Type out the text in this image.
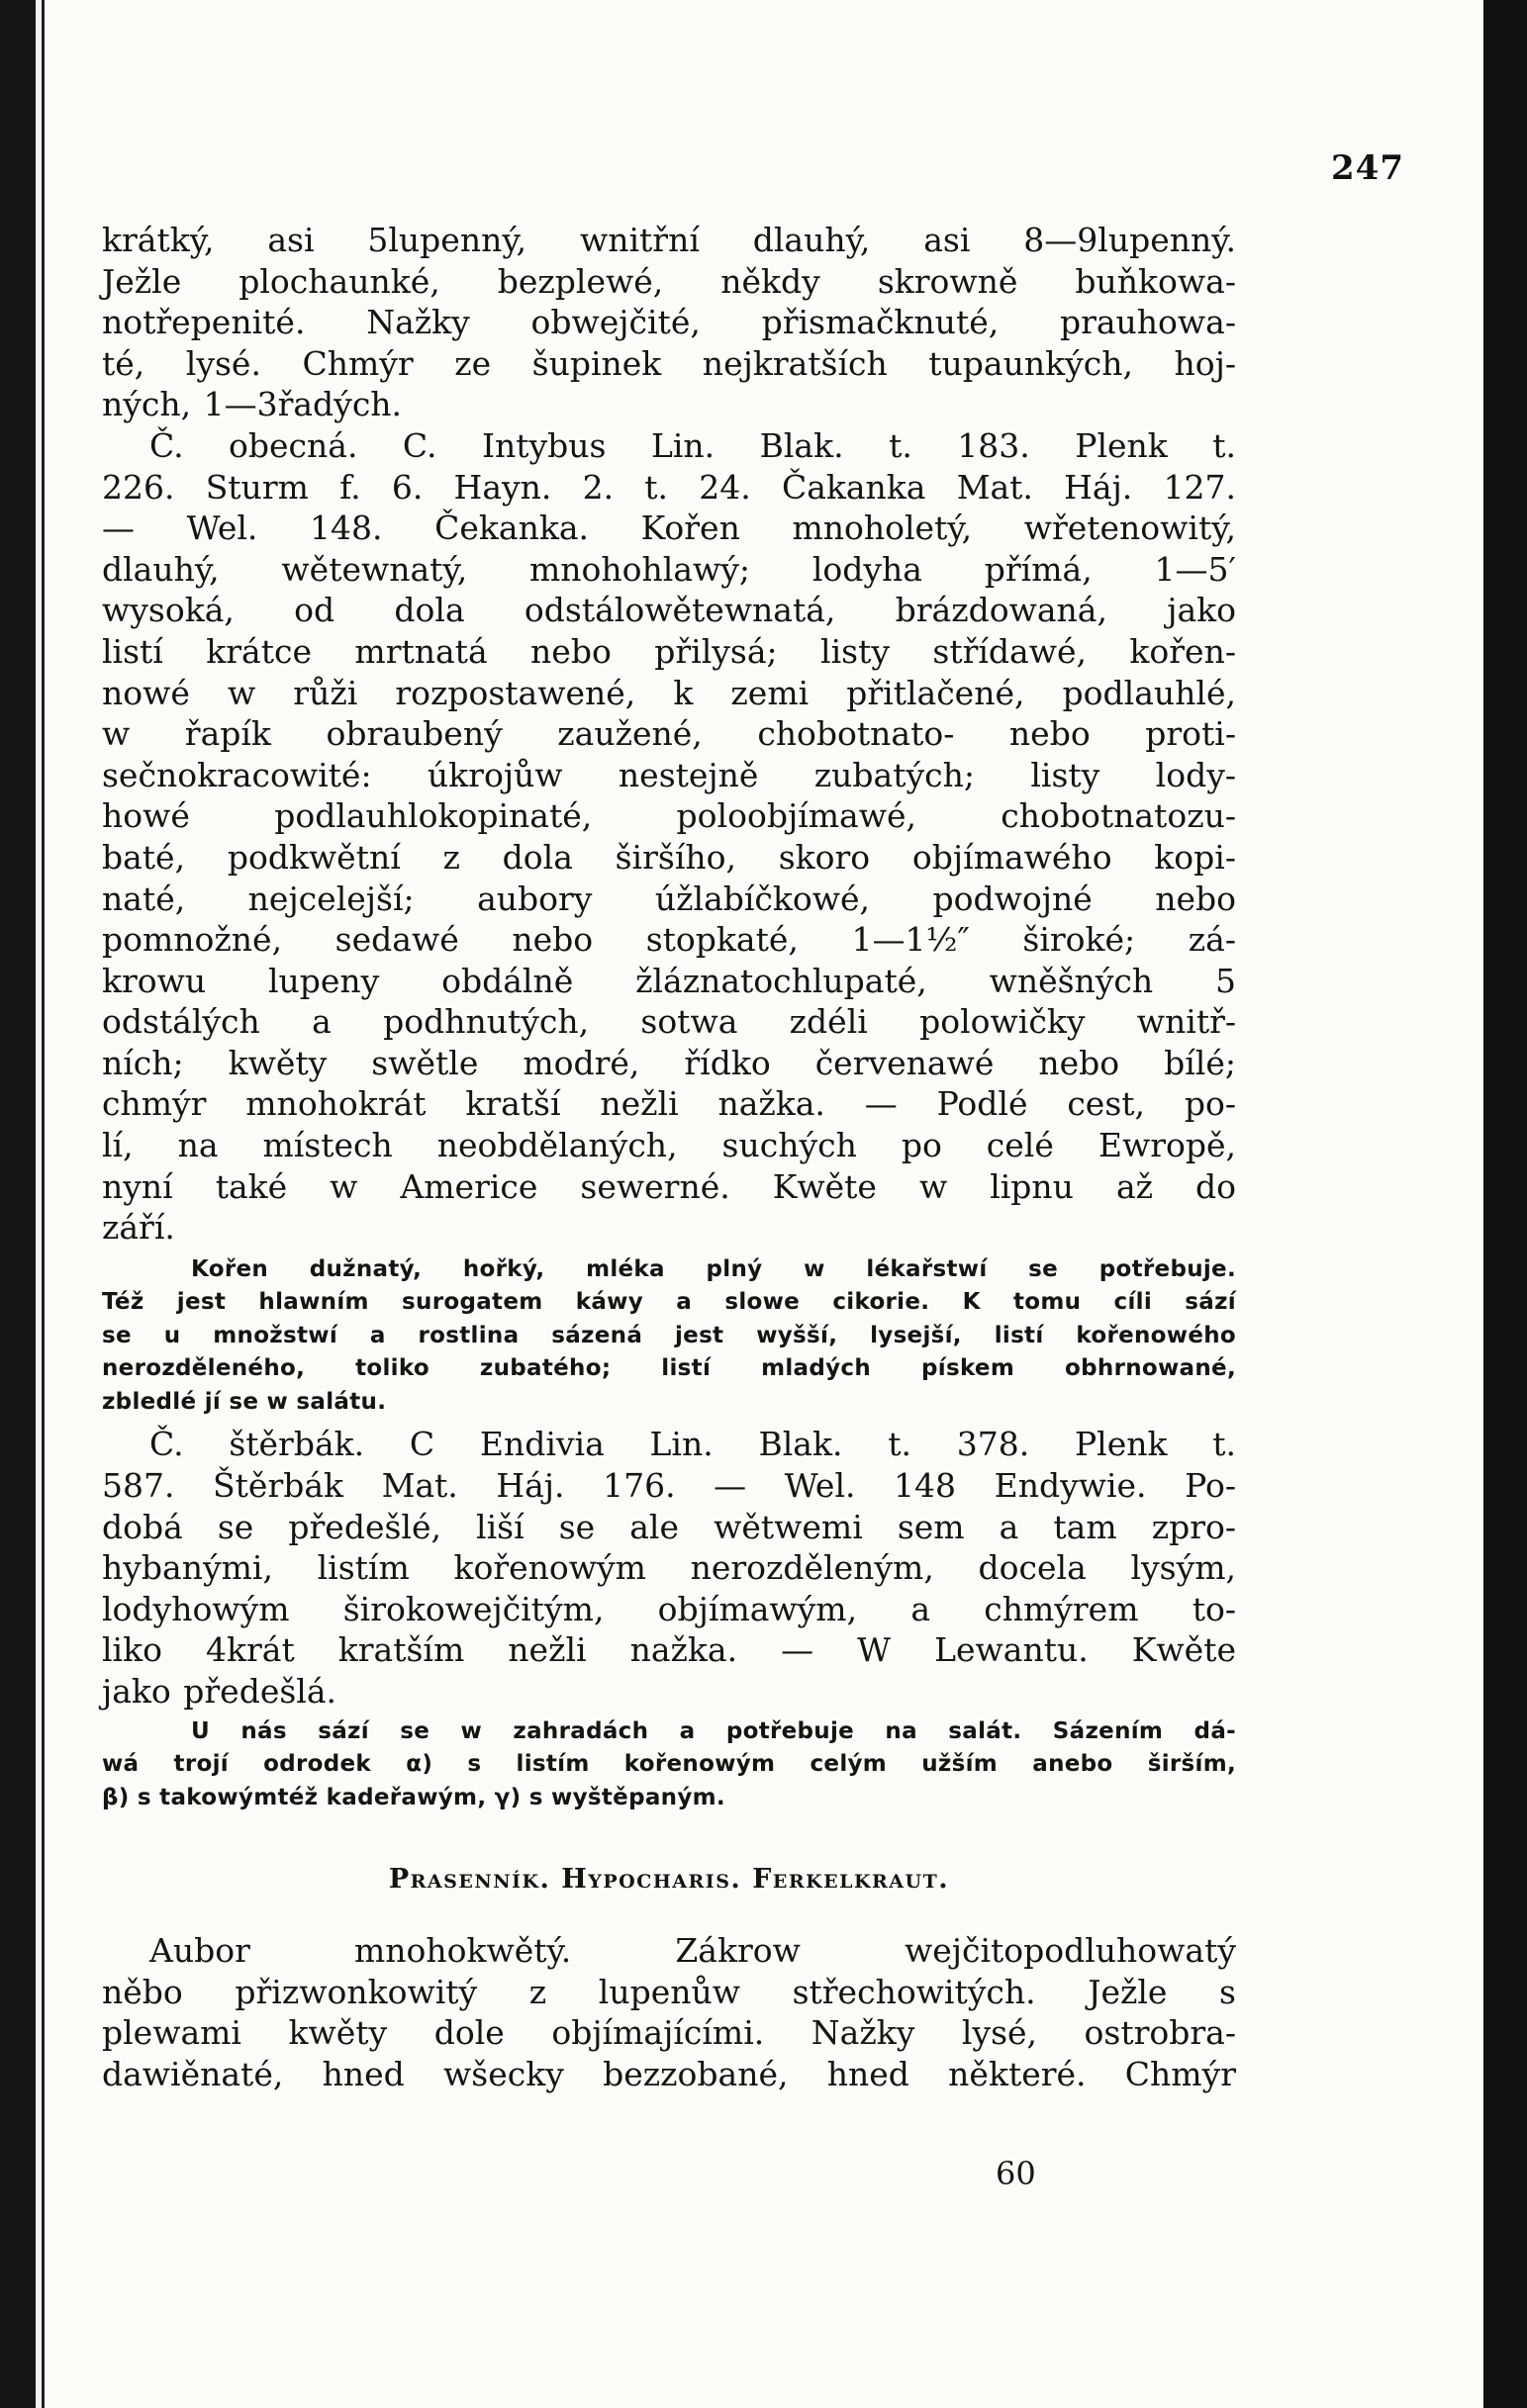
247
krátký, asi 5lupenný, wnitřní dlauhý, asi 8—9lupenný.
Ježle plochaunké, bezplewé, někdy skrowně buňkowa-
notřepenité. Nažky obwejčité, přismačknuté, prauhowa-
té, lysé. Chmýr ze šupinek nejkratších tupaunkých, hoj-
ných, 1—3řadých.
Č. obecná. C. Intybus Lin. Blak. t. 183. Plenk t.
226. Sturm f. 6. Hayn. 2. t. 24. Čakanka Mat. Háj. 127.
— Wel. 148. Čekanka. Kořen mnoholetý, wřetenowitý,
dlauhý, wětewnatý, mnohohlawý; lodyha přímá, 1—5′
wysoká, od dola odstálowětewnatá, brázdowaná, jako
listí krátce mrtnatá nebo přilysá; listy střídawé, kořen-
nowé w růži rozpostawené, k zemi přitlačené, podlauhlé,
w řapík obraubený zaužené, chobotnato- nebo proti-
sečnokracowité: úkrojůw nestejně zubatých; listy lody-
howé podlauhlokopinaté, poloobjímawé, chobotnatozu-
baté, podkwětní z dola širšího, skoro objímawého kopi-
naté, nejcelejší; aubory úžlabíčkowé, podwojné nebo
pomnožné, sedawé nebo stopkaté, 1—1½″ široké; zá-
krowu lupeny obdálně žláznatochlupaté, wněšných 5
odstálých a podhnutých, sotwa zdéli polowičky wnitř-
ních; kwěty swětle modré, řídko červenawé nebo bílé;
chmýr mnohokrát kratší nežli nažka. — Podlé cest, po-
lí, na místech neobdělaných, suchých po celé Ewropě,
nyní také w Americe sewerné. Kwěte w lipnu až do
září.
Kořen dužnatý, hořký, mléka plný w lékařstwí se potřebuje.
Též jest hlawním surogatem káwy a slowe cikorie. K tomu cíli sází
se u množstwí a rostlina sázená jest wyšší, lysejší, listí kořenowého
nerozděleného, toliko zubatého; listí mladých pískem obhrnowané,
zbledlé jí se w salátu.
Č. štěrbák. C Endivia Lin. Blak. t. 378. Plenk t.
587. Štěrbák Mat. Háj. 176. — Wel. 148 Endywie. Po-
dobá se předešlé, liší se ale wětwemi sem a tam zpro-
hybanými, listím kořenowým nerozděleným, docela lysým,
lodyhowým širokowejčitým, objímawým, a chmýrem to-
liko 4krát kratším nežli nažka. — W Lewantu. Kwěte
jako předešlá.
U nás sází se w zahradách a potřebuje na salát. Sázením dá-
wá trojí odrodek α) s listím kořenowým celým užším anebo širším,
β) s takowýmtéž kadeřawým, γ) s wyštěpaným.
Prasenník. Hypocharis. Ferkelkraut.
Aubor mnohokwětý. Zákrow wejčitopodluhowatý
něbo přizwonkowitý z lupenůw střechowitých. Ježle s
plewami kwěty dole objímajícími. Nažky lysé, ostrobra-
dawiěnaté, hned wšecky bezzobané, hned některé. Chmýr
60
